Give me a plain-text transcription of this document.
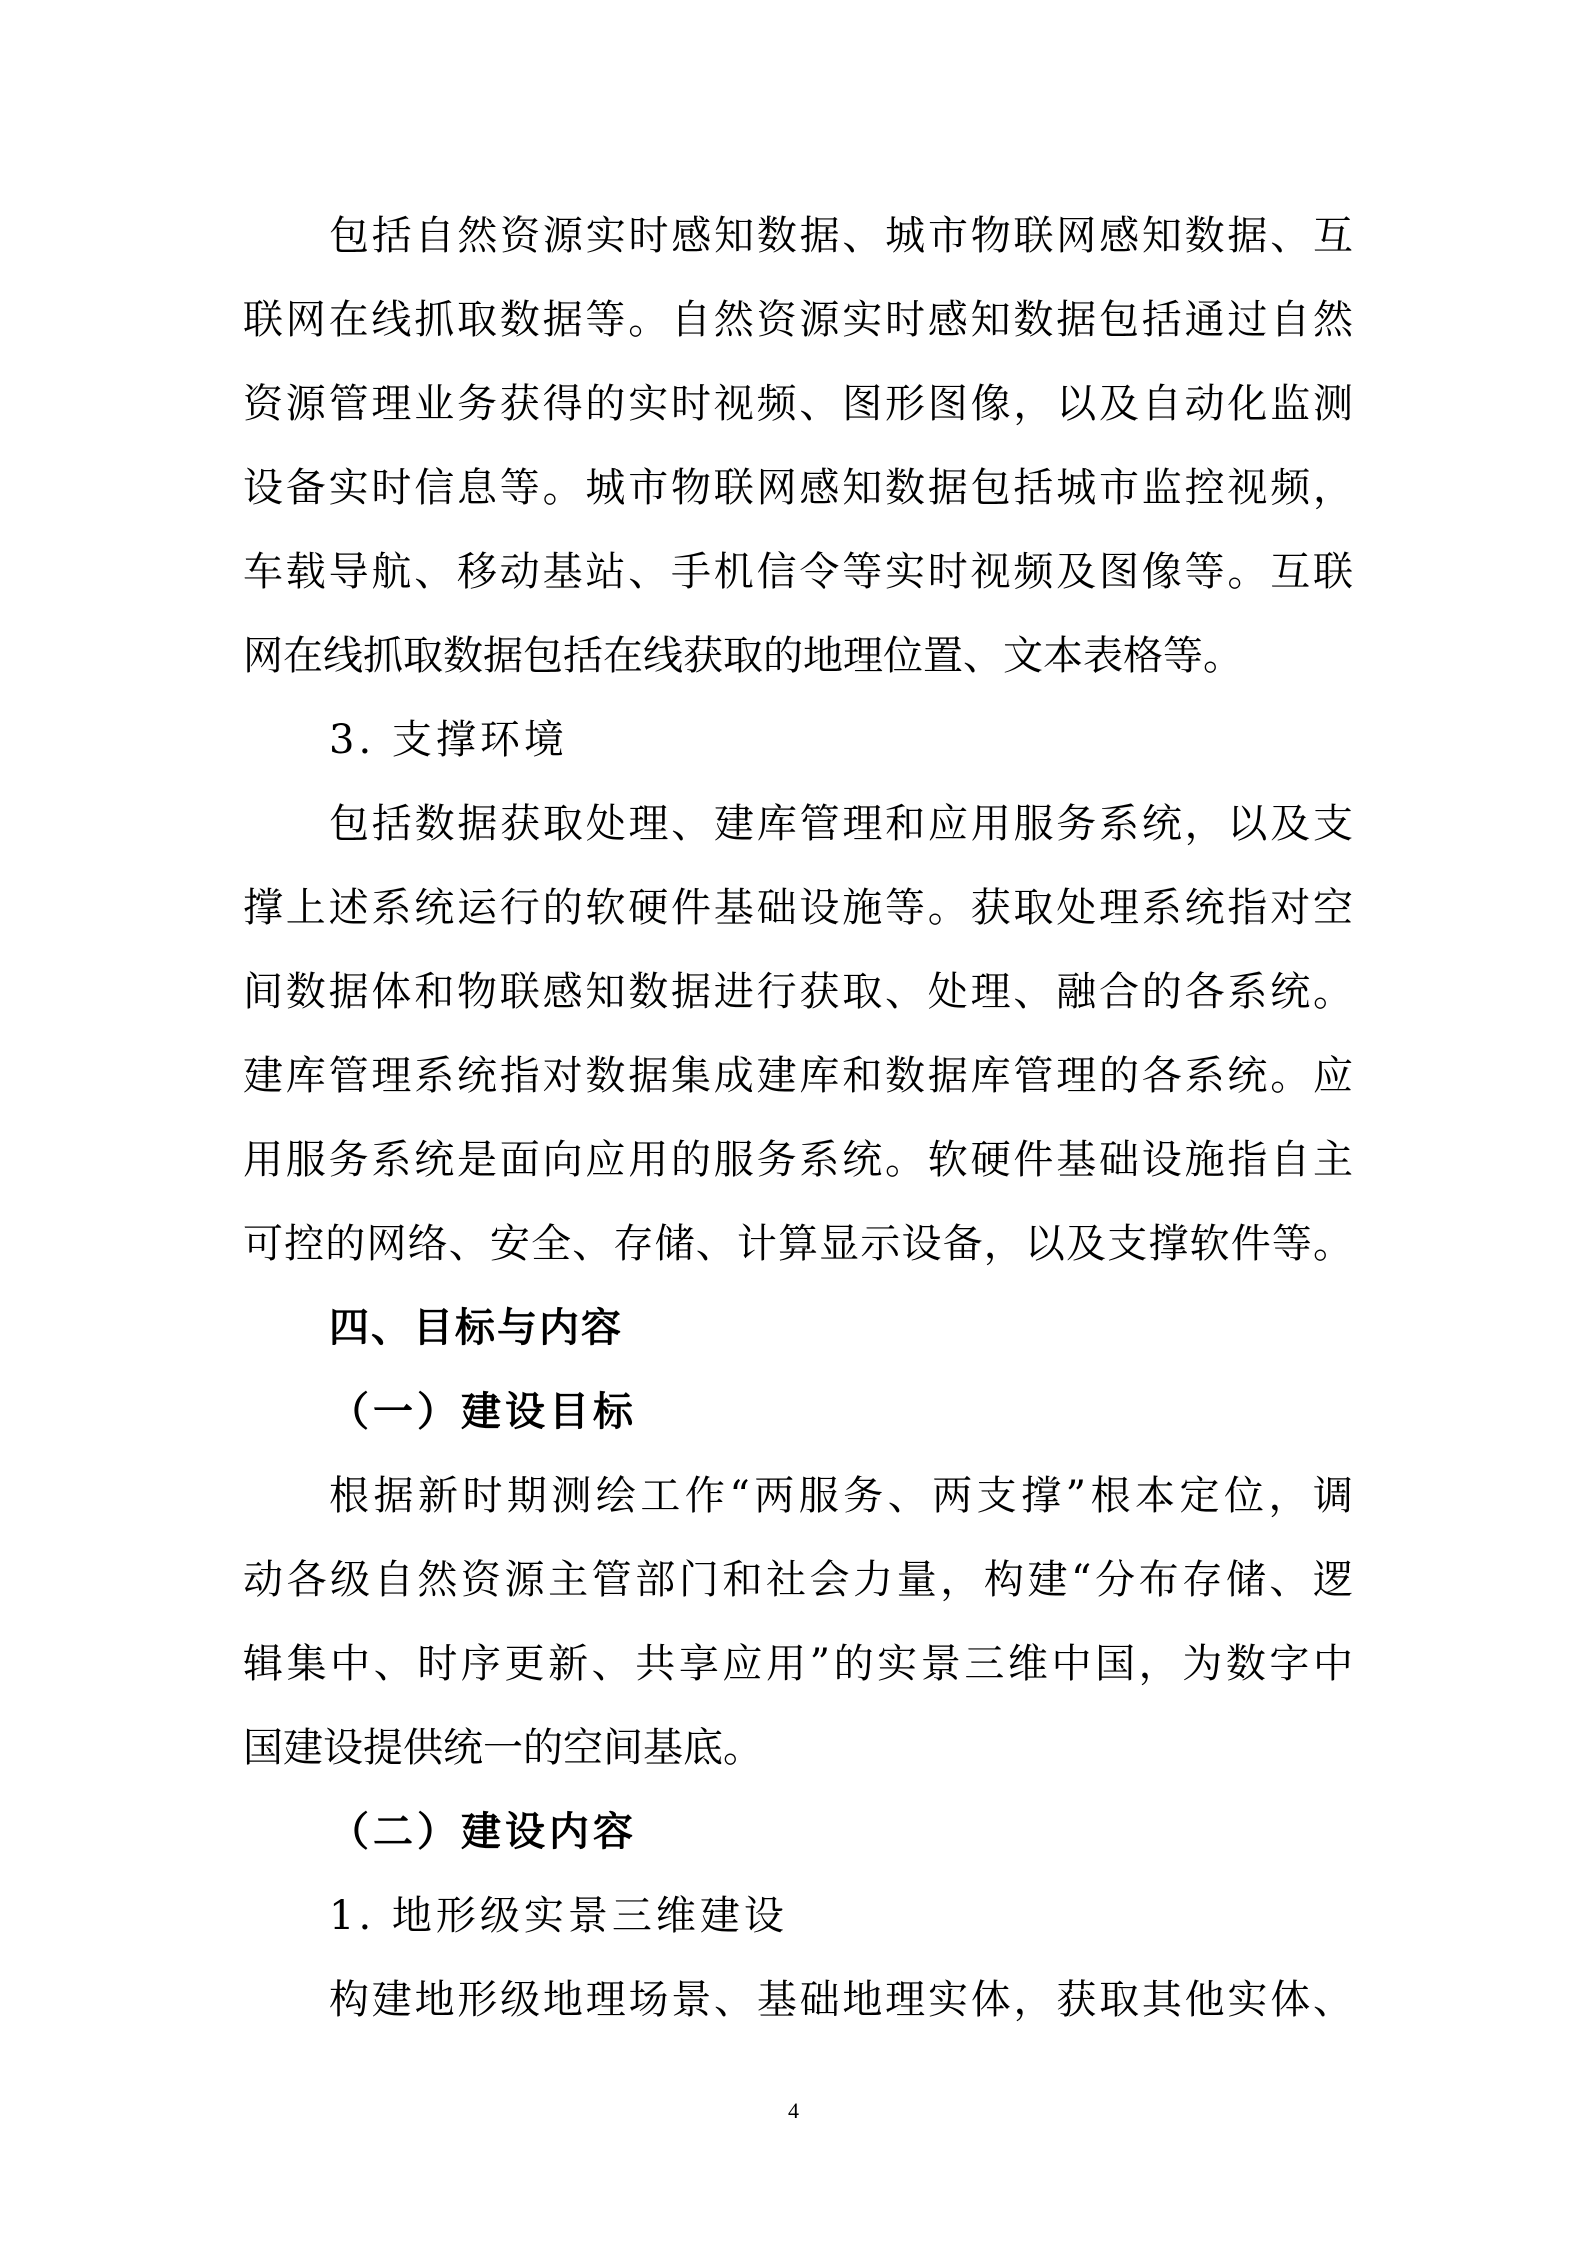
包括自然资源实时感知数据、城市物联网感知数据、互
联网在线抓取数据等。自然资源实时感知数据包括通过自然
资源管理业务获得的实时视频、图形图像，以及自动化监测
设备实时信息等。城市物联网感知数据包括城市监控视频，
车载导航、移动基站、手机信令等实时视频及图像等。互联
网在线抓取数据包括在线获取的地理位置、文本表格等。
3. 支撑环境
包括数据获取处理、建库管理和应用服务系统，以及支
撑上述系统运行的软硬件基础设施等。获取处理系统指对空
间数据体和物联感知数据进行获取、处理、融合的各系统。
建库管理系统指对数据集成建库和数据库管理的各系统。应
用服务系统是面向应用的服务系统。软硬件基础设施指自主
可控的网络、安全、存储、计算显示设备，以及支撑软件等。
四、目标与内容
（一）建设目标
根据新时期测绘工作“两服务、两支撑”根本定位，调
动各级自然资源主管部门和社会力量，构建“分布存储、逻
辑集中、时序更新、共享应用”的实景三维中国，为数字中
国建设提供统一的空间基底。
（二）建设内容
1. 地形级实景三维建设
构建地形级地理场景、基础地理实体，获取其他实体、
4
